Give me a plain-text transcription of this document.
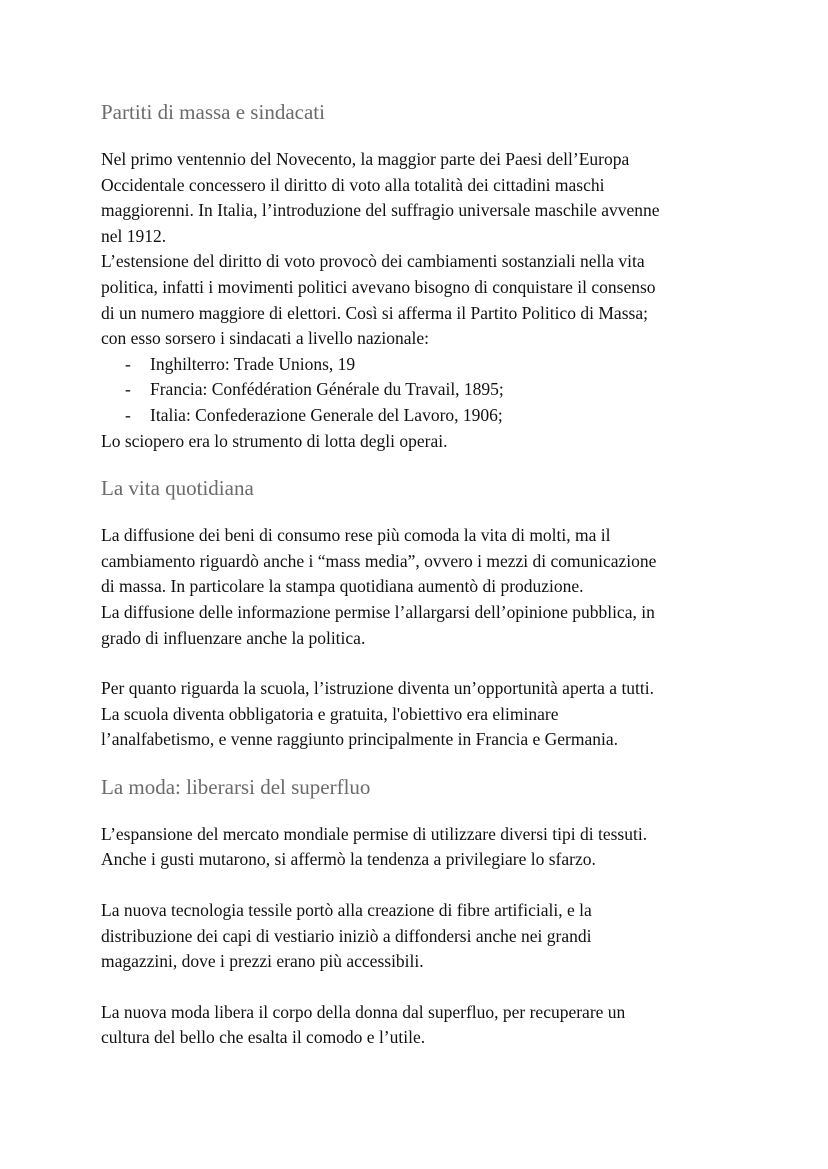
Partiti di massa e sindacati
Nel primo ventennio del Novecento, la maggior parte dei Paesi dell’Europa
Occidentale concessero il diritto di voto alla totalità dei cittadini maschi
maggiorenni. In Italia, l’introduzione del suffragio universale maschile avvenne
nel 1912.
L’estensione del diritto di voto provocò dei cambiamenti sostanziali nella vita
politica, infatti i movimenti politici avevano bisogno di conquistare il consenso
di un numero maggiore di elettori. Così si afferma il Partito Politico di Massa;
con esso sorsero i sindacati a livello nazionale:
- Inghilterro: Trade Unions, 19
- Francia: Confédération Générale du Travail, 1895;
- Italia: Confederazione Generale del Lavoro, 1906;
Lo sciopero era lo strumento di lotta degli operai.
La vita quotidiana
La diffusione dei beni di consumo rese più comoda la vita di molti, ma il
cambiamento riguardò anche i “mass media”, ovvero i mezzi di comunicazione
di massa. In particolare la stampa quotidiana aumentò di produzione.
La diffusione delle informazione permise l’allargarsi dell’opinione pubblica, in
grado di influenzare anche la politica.
Per quanto riguarda la scuola, l’istruzione diventa un’opportunità aperta a tutti.
La scuola diventa obbligatoria e gratuita, l'obiettivo era eliminare
l’analfabetismo, e venne raggiunto principalmente in Francia e Germania.
La moda: liberarsi del superfluo
L’espansione del mercato mondiale permise di utilizzare diversi tipi di tessuti.
Anche i gusti mutarono, si affermò la tendenza a privilegiare lo sfarzo.
La nuova tecnologia tessile portò alla creazione di fibre artificiali, e la
distribuzione dei capi di vestiario iniziò a diffondersi anche nei grandi
magazzini, dove i prezzi erano più accessibili.
La nuova moda libera il corpo della donna dal superfluo, per recuperare un
cultura del bello che esalta il comodo e l’utile.
